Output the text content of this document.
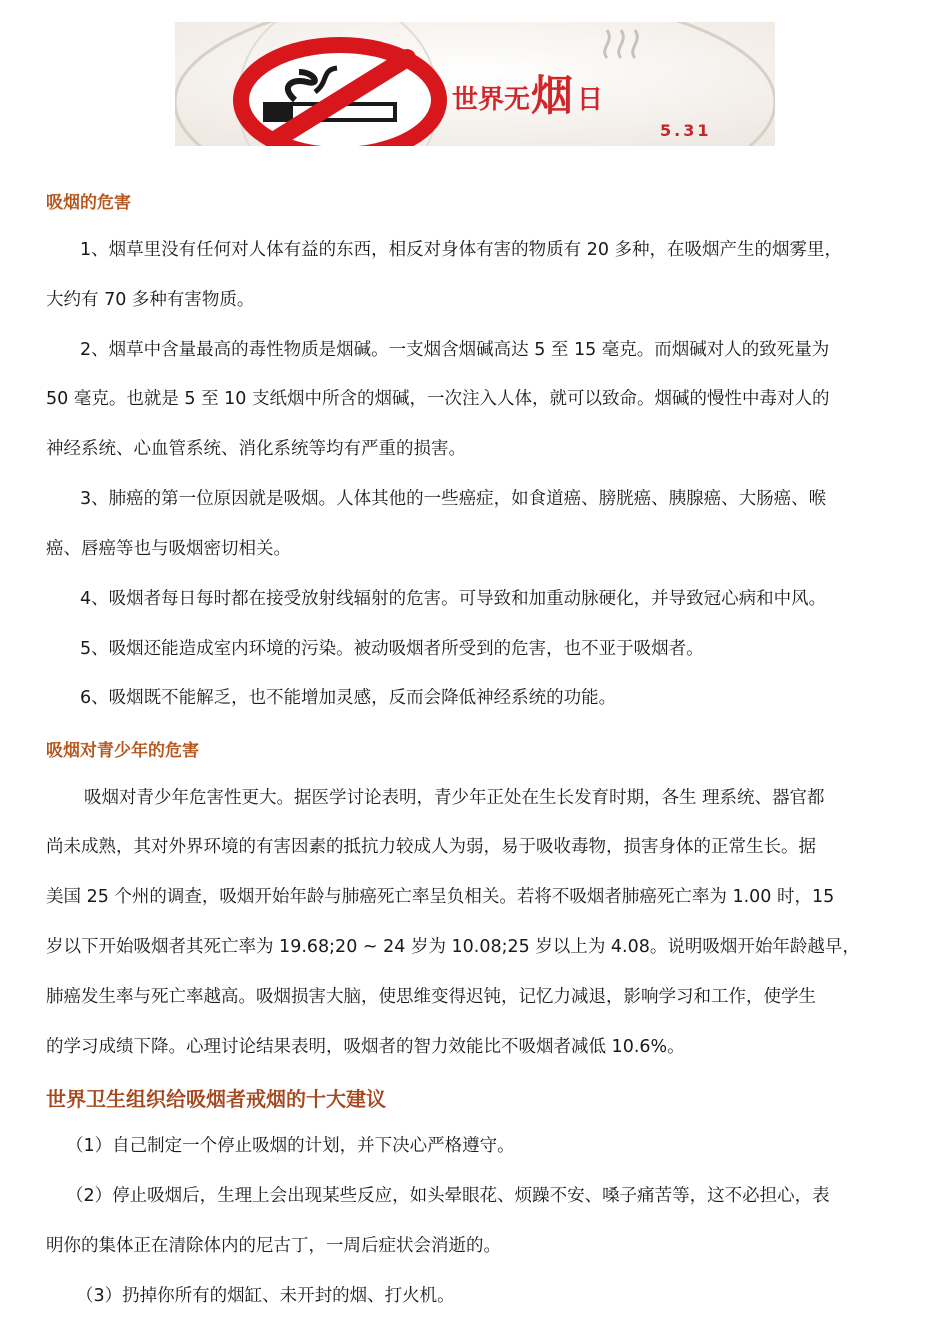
世界无 烟 日
5.31
吸烟的危害
1、烟草里没有任何对人体有益的东西，相反对身体有害的物质有 20 多种，在吸烟产生的烟雾里，
大约有 70 多种有害物质。
2、烟草中含量最高的毒性物质是烟碱。一支烟含烟碱高达 5 至 15 毫克。而烟碱对人的致死量为
50 毫克。也就是 5 至 10 支纸烟中所含的烟碱，一次注入人体，就可以致命。烟碱的慢性中毒对人的
神经系统、心血管系统、消化系统等均有严重的损害。
3、肺癌的第一位原因就是吸烟。人体其他的一些癌症，如食道癌、膀胱癌、胰腺癌、大肠癌、喉
癌、唇癌等也与吸烟密切相关。
4、吸烟者每日每时都在接受放射线辐射的危害。可导致和加重动脉硬化，并导致冠心病和中风。
5、吸烟还能造成室内环境的污染。被动吸烟者所受到的危害，也不亚于吸烟者。
6、吸烟既不能解乏，也不能增加灵感，反而会降低神经系统的功能。
吸烟对青少年的危害
吸烟对青少年危害性更大。据医学讨论表明，青少年正处在生长发育时期，各生 理系统、器官都
尚未成熟，其对外界环境的有害因素的抵抗力较成人为弱，易于吸收毒物，损害身体的正常生长。据
美国 25 个州的调查，吸烟开始年龄与肺癌死亡率呈负相关。若将不吸烟者肺癌死亡率为 1.00 时，15
岁以下开始吸烟者其死亡率为 19.68;20 ~ 24 岁为 10.08;25 岁以上为 4.08。说明吸烟开始年龄越早，
肺癌发生率与死亡率越高。吸烟损害大脑，使思维变得迟钝，记忆力减退，影响学习和工作，使学生
的学习成绩下降。心理讨论结果表明，吸烟者的智力效能比不吸烟者减低 10.6%。
世界卫生组织给吸烟者戒烟的十大建议
（1）自己制定一个停止吸烟的计划，并下决心严格遵守。
（2）停止吸烟后，生理上会出现某些反应，如头晕眼花、烦躁不安、嗓子痛苦等，这不必担心，表
明你的集体正在清除体内的尼古丁，一周后症状会消逝的。
（3）扔掉你所有的烟缸、未开封的烟、打火机。
